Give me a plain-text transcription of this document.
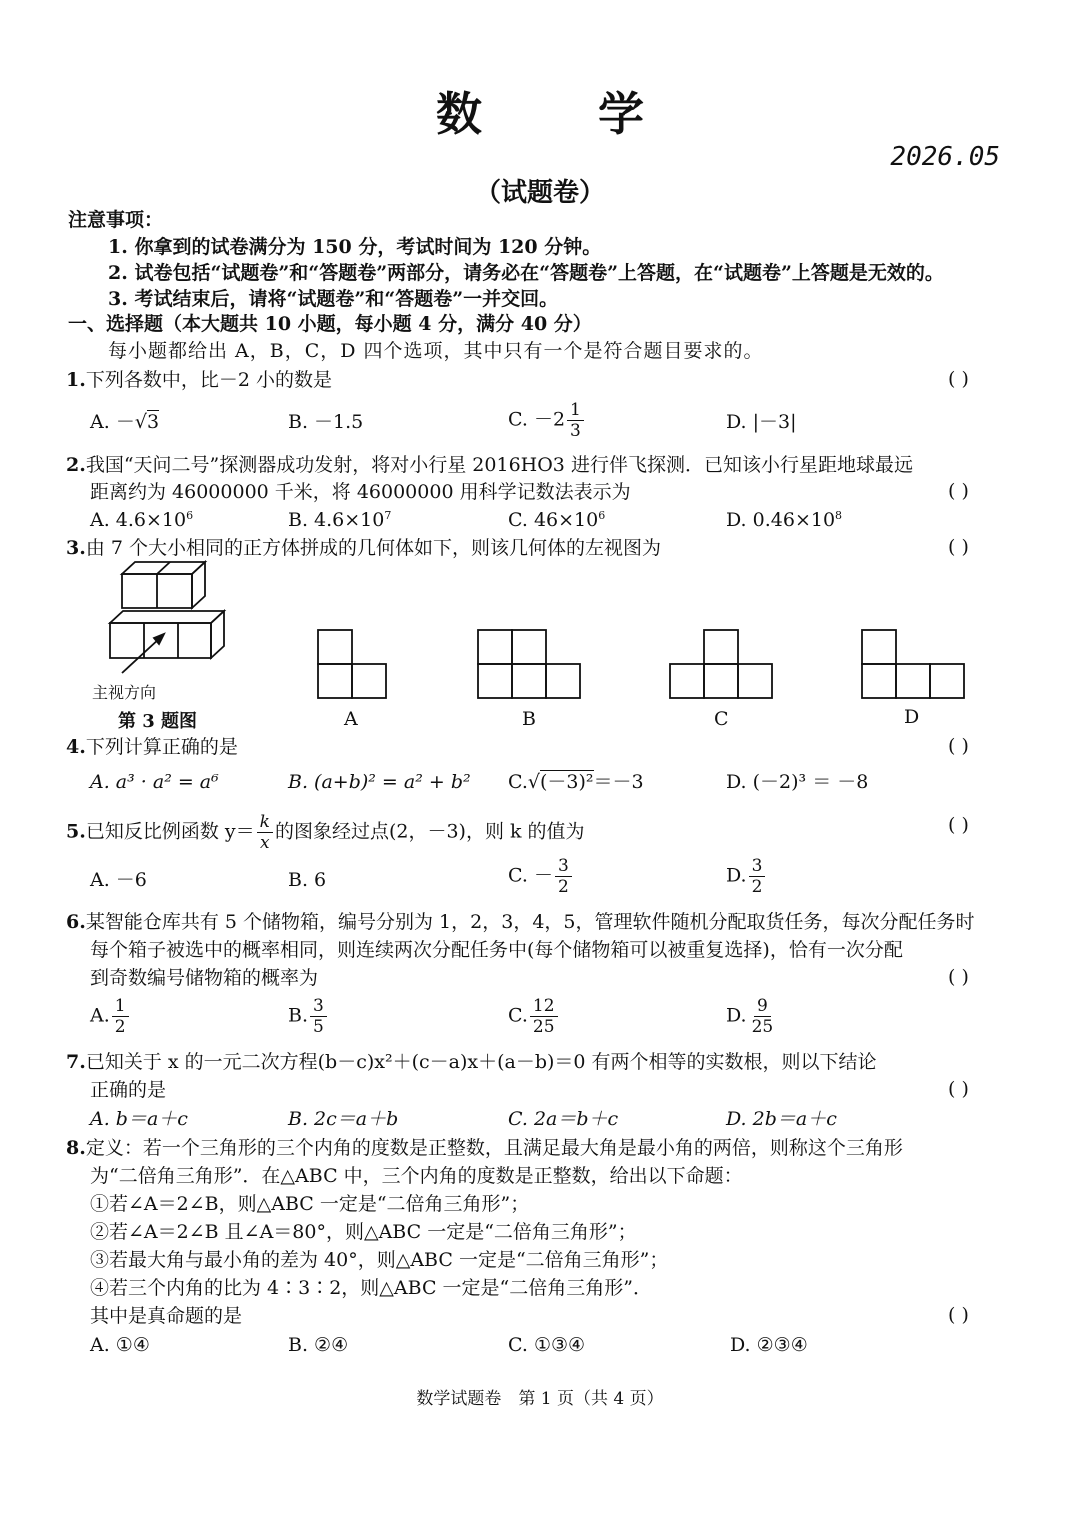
数 学
2026.05
（试题卷）
注意事项：
1. 你拿到的试卷满分为 150 分，考试时间为 120 分钟。
2. 试卷包括“试题卷”和“答题卷”两部分，请务必在“答题卷”上答题，在“试题卷”上答题是无效的。
3. 考试结束后，请将“试题卷”和“答题卷”一并交回。
一、选择题（本大题共 10 小题，每小题 4 分，满分 40 分）
每小题都给出 A，B，C，D 四个选项，其中只有一个是符合题目要求的。
1.下列各数中，比－2 小的数是	( )
A. －√3	B. －1.5	C. $-2 \frac{1}{3}$	D. |－3|
2.我国“天问二号”探测器成功发射，将对小行星 2016HO3 进行伴飞探测．已知该小行星距地球最远
距离约为 46000000 千米，将 46000000 用科学记数法表示为	( )
A. $4.6\times 10^6$	B. $4.6\times 10^7$	C. $46\times 10^6$	D. $0.46\times 10^8$
3.由 7 个大小相同的正方体拼成的几何体如下，则该几何体的左视图为	( )
主视方向
第 3 题图	A	B	C	D
4.下列计算正确的是	( )
A. a³ · a² = a⁶	B. (a+b)² = a² + b² C.√(－3)²＝－3	D. (－2)³ ＝ －8
5.已知反比例函数 $y= \frac{k}{x}$ 的图象经过点(2，－3)，则 k 的值为	( )
A. －6	B. 6	C. － $\frac{3}{2}$	D. $\frac{3}{2}$
6.某智能仓库共有 5 个储物箱，编号分别为 1，2，3，4，5，管理软件随机分配取货任务，每次分配任务时
每个箱子被选中的概率相同，则连续两次分配任务中(每个储物箱可以被重复选择)，恰有一次分配
到奇数编号储物箱的概率为	( )
A. $\frac{1}{2}$	B. $\frac{3}{5}$	C. $\frac{12}{25}$	D. $\frac{9}{25}$
7.已知关于 x 的一元二次方程(b－c)x²＋(c－a)x＋(a－b)＝0 有两个相等的实数根，则以下结论
正确的是	( )
A. b＝a＋c	B. 2c＝a＋b	C. 2a＝b＋c	D. 2b＝a＋c
8.定义：若一个三角形的三个内角的度数是正整数，且满足最大角是最小角的两倍，则称这个三角形
为“二倍角三角形”．在△ABC 中，三个内角的度数是正整数，给出以下命题：
①若∠A＝2∠B，则△ABC 一定是“二倍角三角形”；
②若∠A＝2∠B 且∠A＝80°，则△ABC 一定是“二倍角三角形”；
③若最大角与最小角的差为 40°，则△ABC 一定是“二倍角三角形”；
④若三个内角的比为 4∶3∶2，则△ABC 一定是“二倍角三角形”．
其中是真命题的是	( )
A. ①④	B. ②④	C. ①③④	D. ②③④
数学试题卷　第 1 页（共 4 页）
